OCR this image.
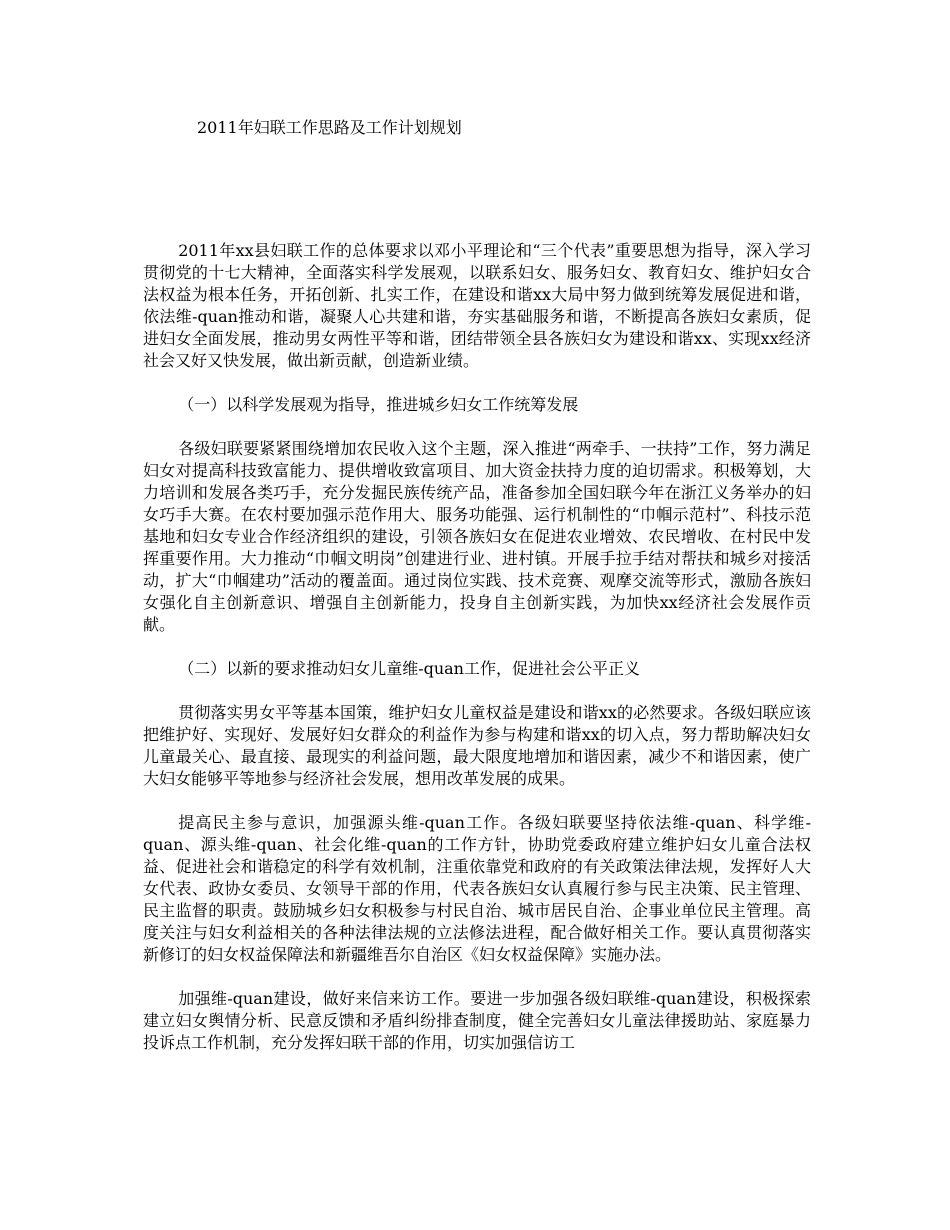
2011年妇联工作思路及工作计划规划

2011年xx县妇联工作的总体要求以邓小平理论和“三个代表”重要思想为指导，深入学习贯彻党的十七大精神，全面落实科学发展观，以联系妇女、服务妇女、教育妇女、维护妇女合法权益为根本任务，开拓创新、扎实工作，在建设和谐xx大局中努力做到统筹发展促进和谐，依法维-quan推动和谐，凝聚人心共建和谐，夯实基础服务和谐，不断提高各族妇女素质，促进妇女全面发展，推动男女两性平等和谐，团结带领全县各族妇女为建设和谐xx、实现xx经济社会又好又快发展，做出新贡献，创造新业绩。

（一）以科学发展观为指导，推进城乡妇女工作统筹发展

各级妇联要紧紧围绕增加农民收入这个主题，深入推进“两牵手、一扶持”工作，努力满足妇女对提高科技致富能力、提供增收致富项目、加大资金扶持力度的迫切需求。积极筹划，大力培训和发展各类巧手，充分发掘民族传统产品，准备参加全国妇联今年在浙江义务举办的妇女巧手大赛。在农村要加强示范作用大、服务功能强、运行机制性的“巾帼示范村”、科技示范基地和妇女专业合作经济组织的建设，引领各族妇女在促进农业增效、农民增收、在村民中发挥重要作用。大力推动“巾帼文明岗”创建进行业、进村镇。开展手拉手结对帮扶和城乡对接活动，扩大“巾帼建功”活动的覆盖面。通过岗位实践、技术竞赛、观摩交流等形式，激励各族妇女强化自主创新意识、增强自主创新能力，投身自主创新实践，为加快xx经济社会发展作贡献。

（二）以新的要求推动妇女儿童维-quan工作，促进社会公平正义

贯彻落实男女平等基本国策，维护妇女儿童权益是建设和谐xx的必然要求。各级妇联应该把维护好、实现好、发展好妇女群众的利益作为参与构建和谐xx的切入点，努力帮助解决妇女儿童最关心、最直接、最现实的利益问题，最大限度地增加和谐因素，减少不和谐因素，使广大妇女能够平等地参与经济社会发展，想用改革发展的成果。

提高民主参与意识，加强源头维-quan工作。各级妇联要坚持依法维-quan、科学维-quan、源头维-quan、社会化维-quan的工作方针，协助党委政府建立维护妇女儿童合法权益、促进社会和谐稳定的科学有效机制，注重依靠党和政府的有关政策法律法规，发挥好人大女代表、政协女委员、女领导干部的作用，代表各族妇女认真履行参与民主决策、民主管理、民主监督的职责。鼓励城乡妇女积极参与村民自治、城市居民自治、企事业单位民主管理。高度关注与妇女利益相关的各种法律法规的立法修法进程，配合做好相关工作。要认真贯彻落实新修订的妇女权益保障法和新疆维吾尔自治区《妇女权益保障》实施办法。

加强维-quan建设，做好来信来访工作。要进一步加强各级妇联维-quan建设，积极探索建立妇女舆情分析、民意反馈和矛盾纠纷排查制度，健全完善妇女儿童法律援助站、家庭暴力投诉点工作机制，充分发挥妇联干部的作用，切实加强信访工
